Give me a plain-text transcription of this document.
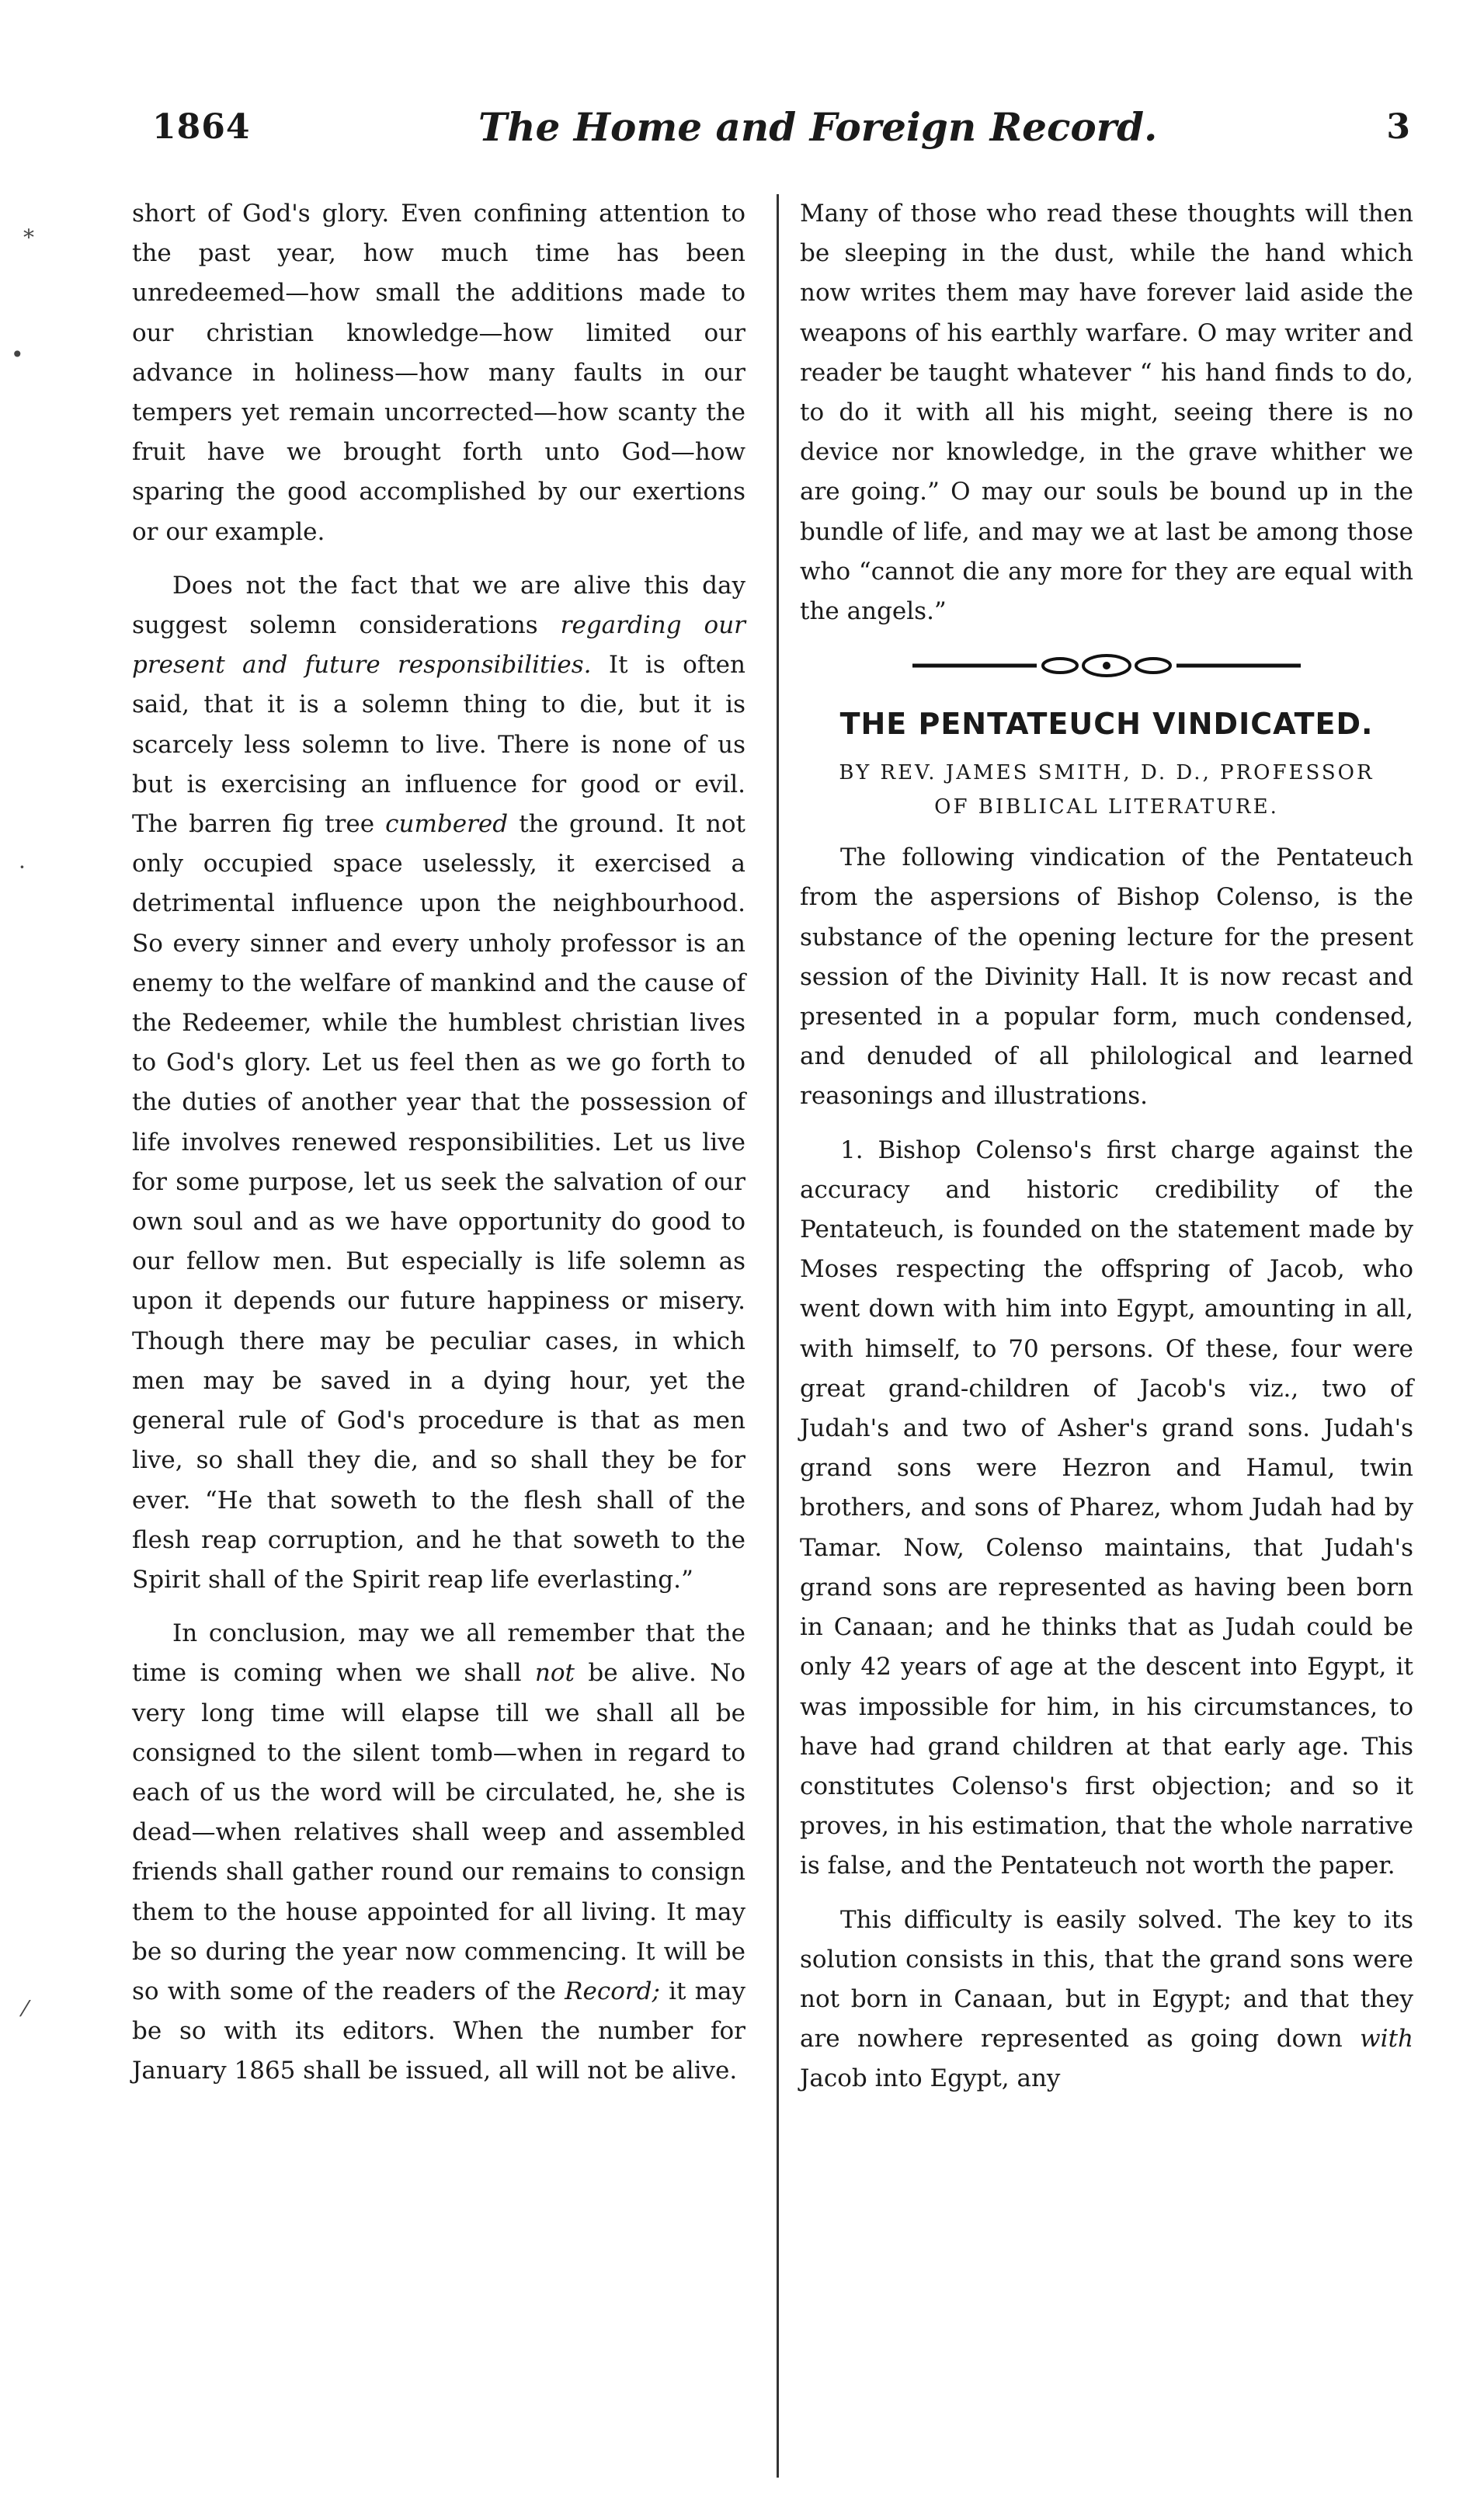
⁎
•
·
⁄
1864	The Home and Foreign Record.	3

short of God's glory. Even confining attention to the past year, how much time has been unredeemed—how small the additions made to our christian knowledge—how limited our advance in holiness—how many faults in our tempers yet remain uncorrected—how scanty the fruit have we brought forth unto God—how sparing the good accomplished by our exertions or our example.

Does not the fact that we are alive this day suggest solemn considerations regarding our present and future responsibilities. It is often said, that it is a solemn thing to die, but it is scarcely less solemn to live. There is none of us but is exercising an influence for good or evil. The barren fig tree cumbered the ground. It not only occupied space uselessly, it exercised a detrimental influence upon the neighbourhood. So every sinner and every unholy professor is an enemy to the welfare of mankind and the cause of the Redeemer, while the humblest christian lives to God's glory. Let us feel then as we go forth to the duties of another year that the possession of life involves renewed responsibilities. Let us live for some purpose, let us seek the salvation of our own soul and as we have opportunity do good to our fellow men. But especially is life solemn as upon it depends our future happiness or misery. Though there may be peculiar cases, in which men may be saved in a dying hour, yet the general rule of God's procedure is that as men live, so shall they die, and so shall they be for ever. “He that soweth to the flesh shall of the flesh reap corruption, and he that soweth to the Spirit shall of the Spirit reap life everlasting.”

In conclusion, may we all remember that the time is coming when we shall not be alive. No very long time will elapse till we shall all be consigned to the silent tomb—when in regard to each of us the word will be circulated, he, she is dead—when relatives shall weep and assembled friends shall gather round our remains to consign them to the house appointed for all living. It may be so during the year now commencing. It will be so with some of the readers of the Record; it may be so with its editors. When the number for January 1865 shall be issued, all will not be alive.

Many of those who read these thoughts will then be sleeping in the dust, while the hand which now writes them may have forever laid aside the weapons of his earthly warfare. O may writer and reader be taught whatever “ his hand finds to do, to do it with all his might, seeing there is no device nor knowledge, in the grave whither we are going.” O may our souls be bound up in the bundle of life, and may we at last be among those who “cannot die any more for they are equal with the angels.”

THE PENTATEUCH VINDICATED.
BY REV. JAMES SMITH, D. D., PROFESSOR
OF BIBLICAL LITERATURE.

The following vindication of the Pentateuch from the aspersions of Bishop Colenso, is the substance of the opening lecture for the present session of the Divinity Hall. It is now recast and presented in a popular form, much condensed, and denuded of all philological and learned reasonings and illustrations.

1. Bishop Colenso's first charge against the accuracy and historic credibility of the Pentateuch, is founded on the statement made by Moses respecting the offspring of Jacob, who went down with him into Egypt, amounting in all, with himself, to 70 persons. Of these, four were great grand-children of Jacob's viz., two of Judah's and two of Asher's grand sons. Judah's grand sons were Hezron and Hamul, twin brothers, and sons of Pharez, whom Judah had by Tamar. Now, Colenso maintains, that Judah's grand sons are represented as having been born in Canaan; and he thinks that as Judah could be only 42 years of age at the descent into Egypt, it was impossible for him, in his circumstances, to have had grand children at that early age. This constitutes Colenso's first objection; and so it proves, in his estimation, that the whole narrative is false, and the Pentateuch not worth the paper.

This difficulty is easily solved. The key to its solution consists in this, that the grand sons were not born in Canaan, but in Egypt; and that they are nowhere represented as going down with Jacob into Egypt, any
